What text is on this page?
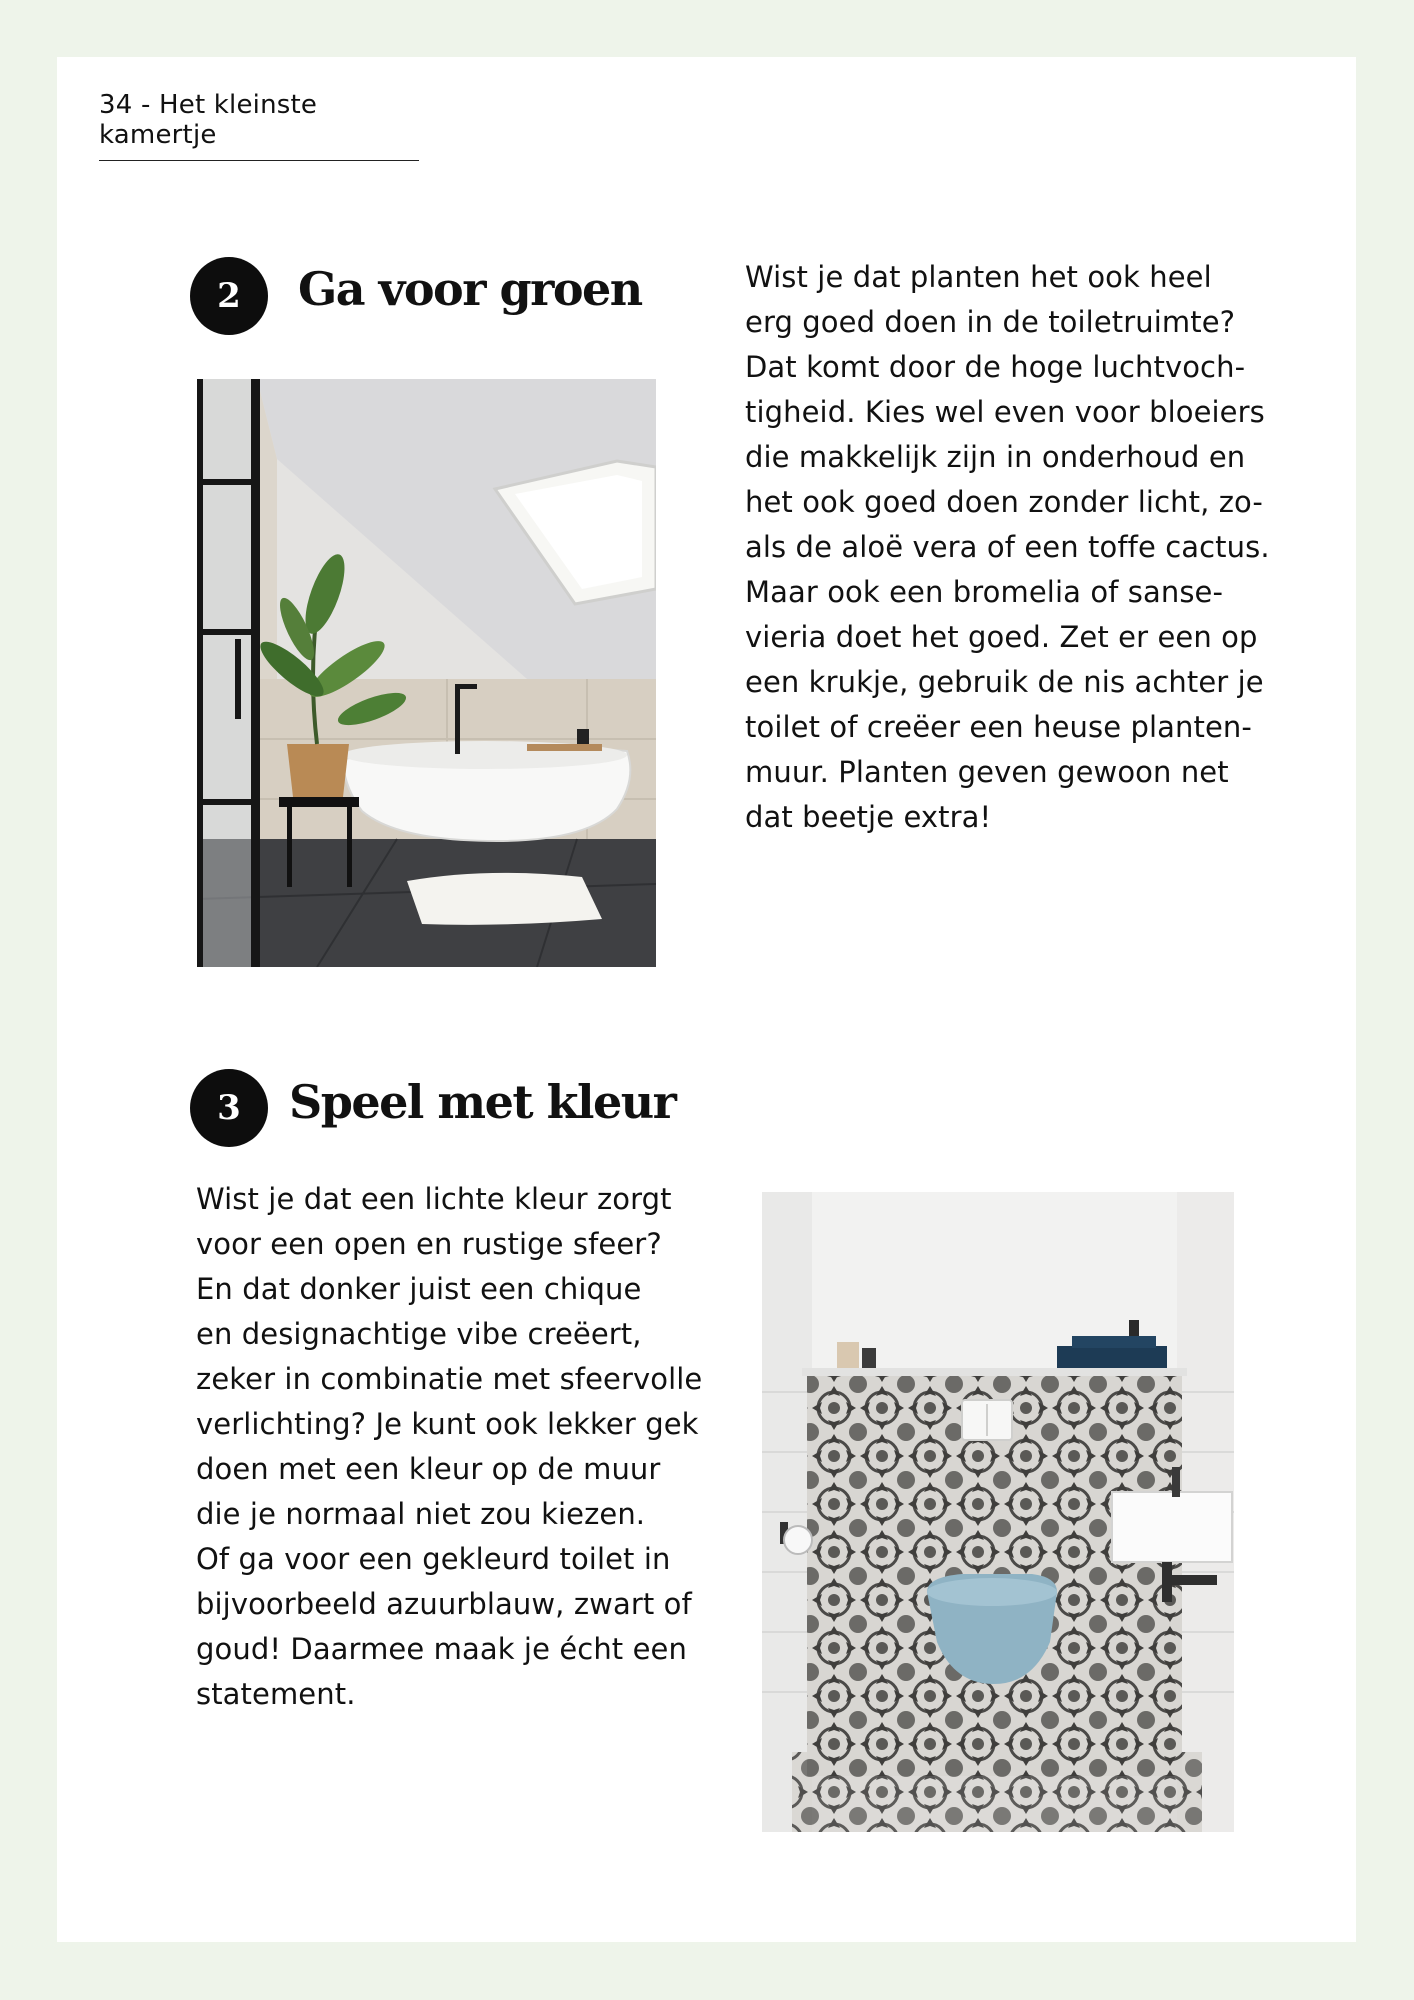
34 - Het kleinste kamertje
2	Ga voor groen	Wist je dat planten het ook heel
erg goed doen in de toiletruimte?
Dat komt door de hoge luchtvoch-
tigheid. Kies wel even voor bloeiers
die makkelijk zijn in onderhoud en
het ook goed doen zonder licht, zo-
als de aloë vera of een toffe cactus.
Maar ook een bromelia of sanse-
vieria doet het goed. Zet er een op
een krukje, gebruik de nis achter je
toilet of creëer een heuse planten-
muur. Planten geven gewoon net
dat beetje extra!
3	Speel met kleur
Wist je dat een lichte kleur zorgt
voor een open en rustige sfeer?
En dat donker juist een chique
en designachtige vibe creëert,
zeker in combinatie met sfeervolle
verlichting? Je kunt ook lekker gek
doen met een kleur op de muur
die je normaal niet zou kiezen.
Of ga voor een gekleurd toilet in
bijvoorbeeld azuurblauw, zwart of
goud! Daarmee maak je écht een
statement.
